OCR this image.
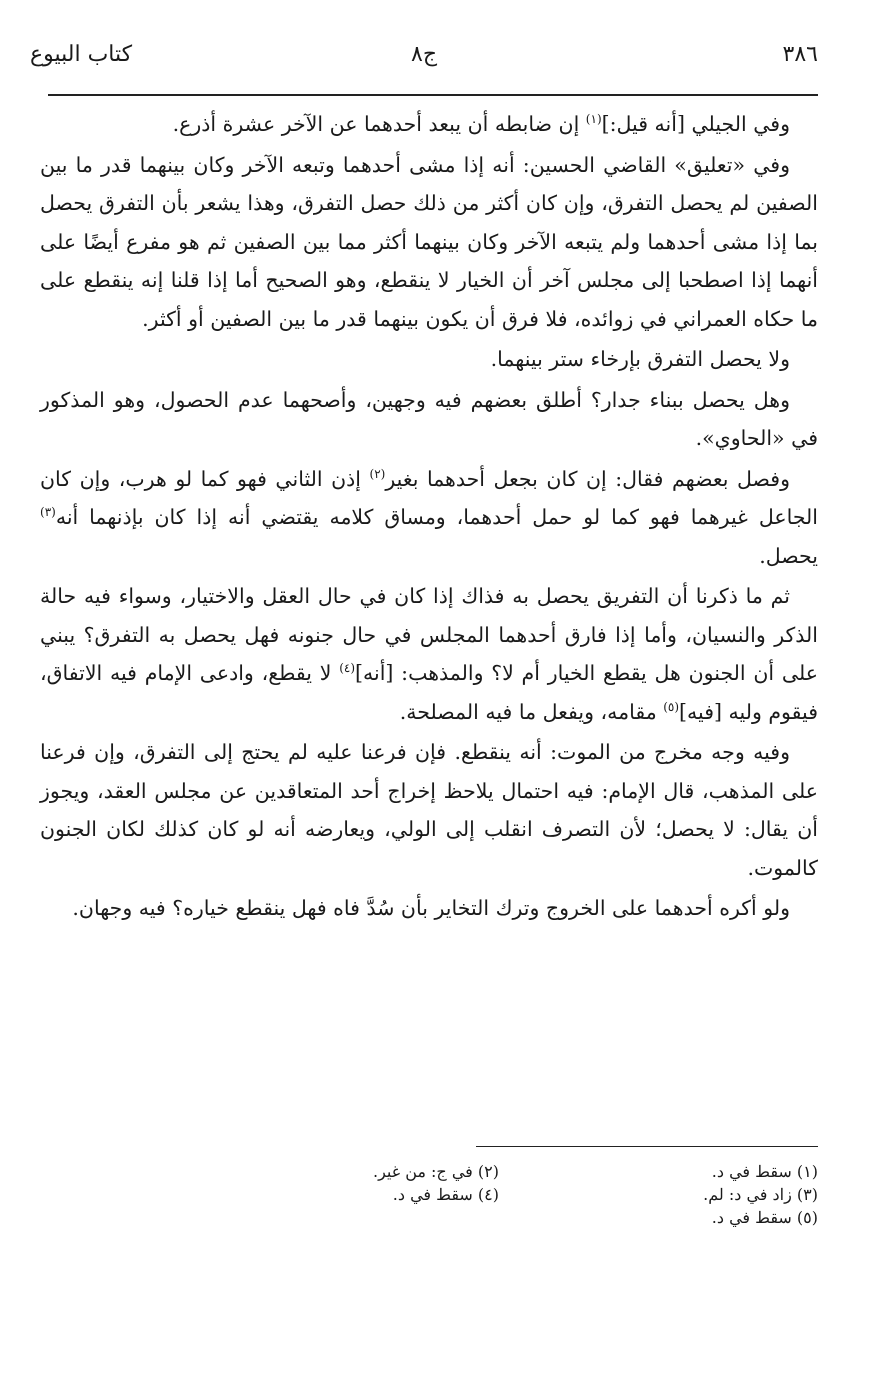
٣٨٦
ج٨
كتاب البيوع

وفي الجيلي [أنه قيل:]$^{(١)}$ إن ضابطه أن يبعد أحدهما عن الآخر عشرة أذرع.

وفي «تعليق» القاضي الحسين: أنه إذا مشى أحدهما وتبعه الآخر وكان بينهما قدر ما بين الصفين لم يحصل التفرق، وإن كان أكثر من ذلك حصل التفرق، وهذا يشعر بأن التفرق يحصل بما إذا مشى أحدهما ولم يتبعه الآخر وكان بينهما أكثر مما بين الصفين ثم هو مفرع أيضًا على أنهما إذا اصطحبا إلى مجلس آخر أن الخيار لا ينقطع، وهو الصحيح أما إذا قلنا إنه ينقطع على ما حكاه العمراني في زوائده، فلا فرق أن يكون بينهما قدر ما بين الصفين أو أكثر.

ولا يحصل التفرق بإرخاء ستر بينهما.

وهل يحصل ببناء جدار؟ أطلق بعضهم فيه وجهين، وأصحهما عدم الحصول، وهو المذكور في «الحاوي».

وفصل بعضهم فقال: إن كان بجعل أحدهما بغير$^{(٢)}$ إذن الثاني فهو كما لو هرب، وإن كان الجاعل غيرهما فهو كما لو حمل أحدهما، ومساق كلامه يقتضي أنه إذا كان بإذنهما أنه$^{(٣)}$ يحصل.

ثم ما ذكرنا أن التفريق يحصل به فذاك إذا كان في حال العقل والاختيار، وسواء فيه حالة الذكر والنسيان، وأما إذا فارق أحدهما المجلس في حال جنونه فهل يحصل به التفرق؟ يبني على أن الجنون هل يقطع الخيار أم لا؟ والمذهب: [أنه]$^{(٤)}$ لا يقطع، وادعى الإمام فيه الاتفاق، فيقوم وليه [فيه]$^{(٥)}$ مقامه، ويفعل ما فيه المصلحة.

وفيه وجه مخرج من الموت: أنه ينقطع. فإن فرعنا عليه لم يحتج إلى التفرق، وإن فرعنا على المذهب، قال الإمام: فيه احتمال يلاحظ إخراج أحد المتعاقدين عن مجلس العقد، ويجوز أن يقال: لا يحصل؛ لأن التصرف انقلب إلى الولي، ويعارضه أنه لو كان كذلك لكان الجنون كالموت.

ولو أكره أحدهما على الخروج وترك التخاير بأن سُدَّ فاه فهل ينقطع خياره؟ فيه وجهان.

(١) سقط في د.
(٢) في ج: من غير.
(٣) زاد في د: لم.
(٤) سقط في د.
(٥) سقط في د.
